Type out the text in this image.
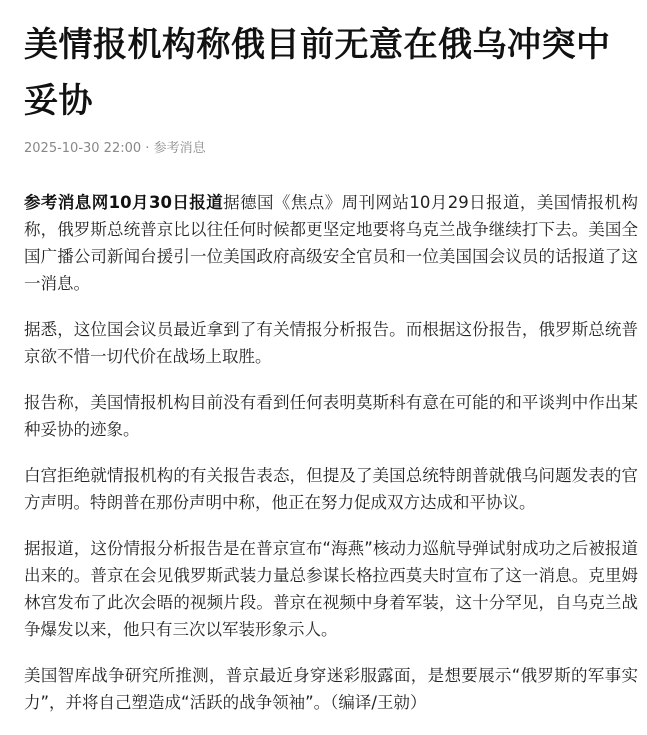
美情报机构称俄目前无意在俄乌冲突中妥协
2025-10-30 22:00 · 参考消息

参考消息网10月30日报道据德国《焦点》周刊网站10月29日报道，美国情报机构称，俄罗斯总统普京比以往任何时候都更坚定地要将乌克兰战争继续打下去。美国全国广播公司新闻台援引一位美国政府高级安全官员和一位美国国会议员的话报道了这一消息。

据悉，这位国会议员最近拿到了有关情报分析报告。而根据这份报告，俄罗斯总统普京欲不惜一切代价在战场上取胜。

报告称，美国情报机构目前没有看到任何表明莫斯科有意在可能的和平谈判中作出某种妥协的迹象。

白宫拒绝就情报机构的有关报告表态，但提及了美国总统特朗普就俄乌问题发表的官方声明。特朗普在那份声明中称，他正在努力促成双方达成和平协议。

据报道，这份情报分析报告是在普京宣布“海燕”核动力巡航导弹试射成功之后被报道出来的。普京在会见俄罗斯武装力量总参谋长格拉西莫夫时宣布了这一消息。克里姆林宫发布了此次会晤的视频片段。普京在视频中身着军装，这十分罕见，自乌克兰战争爆发以来，他只有三次以军装形象示人。

美国智库战争研究所推测，普京最近身穿迷彩服露面，是想要展示“俄罗斯的军事实力”，并将自己塑造成“活跃的战争领袖”。（编译/王勍）
